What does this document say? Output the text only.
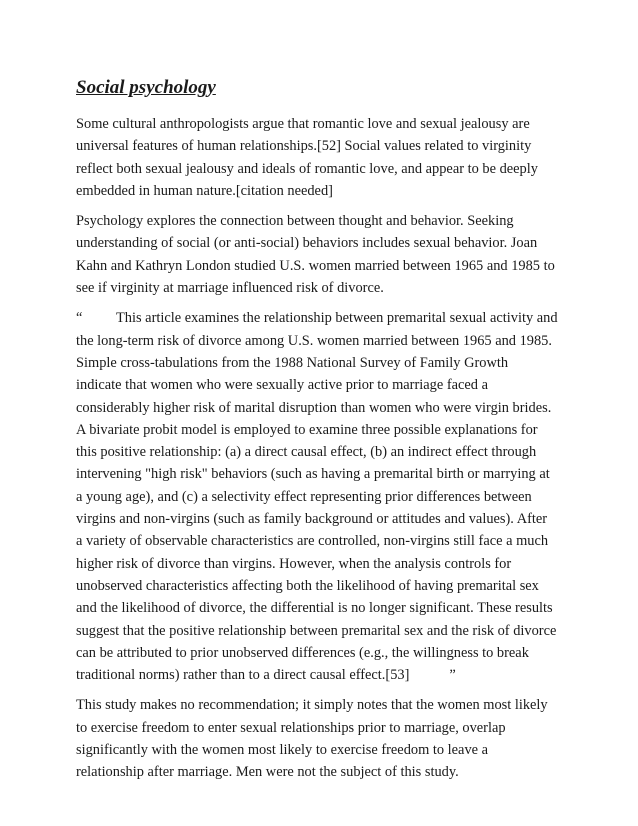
Social psychology
Some cultural anthropologists argue that romantic love and sexual jealousy are
universal features of human relationships.[52] Social values related to virginity
reflect both sexual jealousy and ideals of romantic love, and appear to be deeply
embedded in human nature.[citation needed]
Psychology explores the connection between thought and behavior. Seeking
understanding of social (or anti-social) behaviors includes sexual behavior. Joan
Kahn and Kathryn London studied U.S. women married between 1965 and 1985 to
see if virginity at marriage influenced risk of divorce.
“ This article examines the relationship between premarital sexual activity and
the long-term risk of divorce among U.S. women married between 1965 and 1985.
Simple cross-tabulations from the 1988 National Survey of Family Growth
indicate that women who were sexually active prior to marriage faced a
considerably higher risk of marital disruption than women who were virgin brides.
A bivariate probit model is employed to examine three possible explanations for
this positive relationship: (a) a direct causal effect, (b) an indirect effect through
intervening "high risk" behaviors (such as having a premarital birth or marrying at
a young age), and (c) a selectivity effect representing prior differences between
virgins and non-virgins (such as family background or attitudes and values). After
a variety of observable characteristics are controlled, non-virgins still face a much
higher risk of divorce than virgins. However, when the analysis controls for
unobserved characteristics affecting both the likelihood of having premarital sex
and the likelihood of divorce, the differential is no longer significant. These results
suggest that the positive relationship between premarital sex and the risk of divorce
can be attributed to prior unobserved differences (e.g., the willingness to break
traditional norms) rather than to a direct causal effect.[53]	”
This study makes no recommendation; it simply notes that the women most likely
to exercise freedom to enter sexual relationships prior to marriage, overlap
significantly with the women most likely to exercise freedom to leave a
relationship after marriage. Men were not the subject of this study.
